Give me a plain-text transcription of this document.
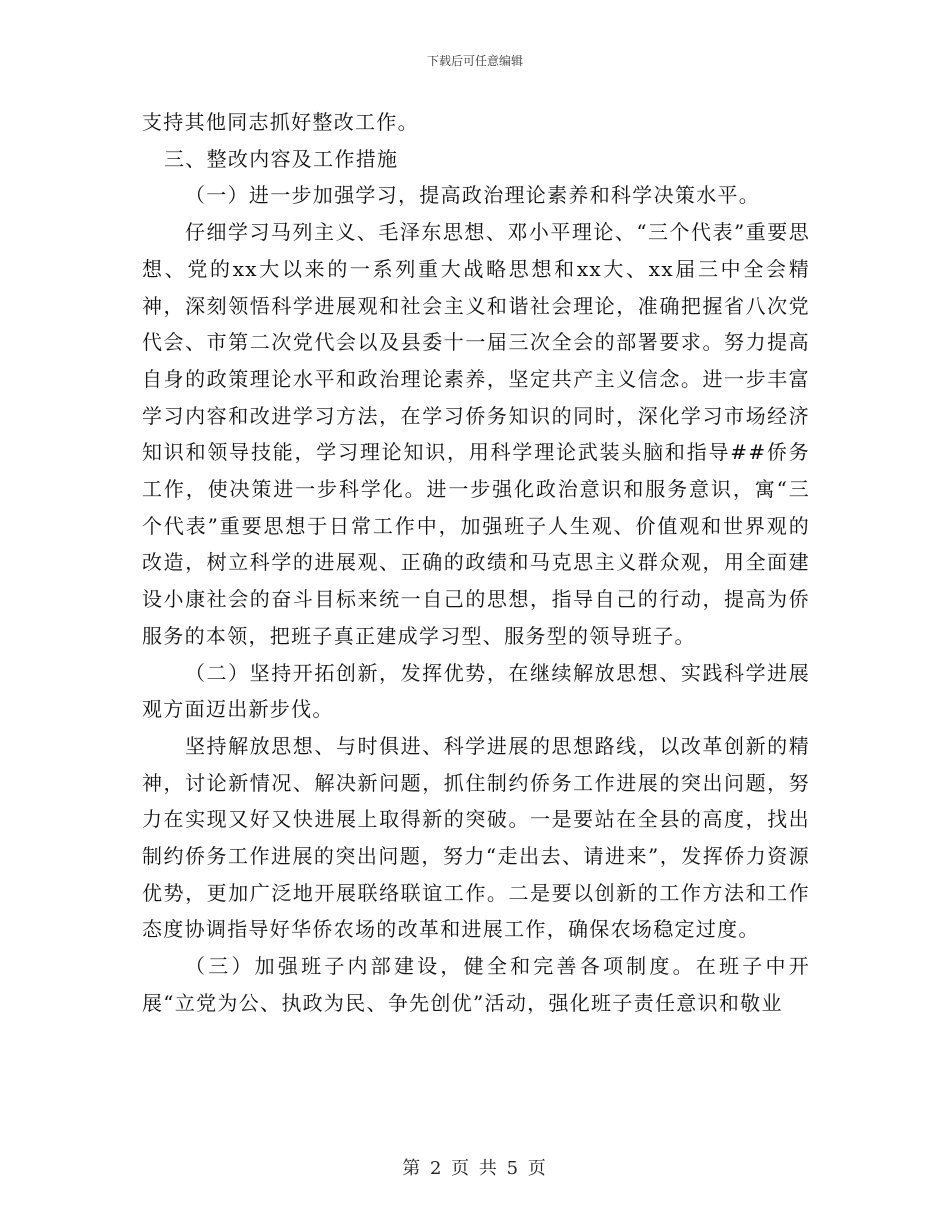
下载后可任意编辑

支持其他同志抓好整改工作。

三、整改内容及工作措施

（一）进一步加强学习，提高政治理论素养和科学决策水平。

仔细学习马列主义、毛泽东思想、邓小平理论、“三个代表”重要思想、党的xx大以来的一系列重大战略思想和xx大、xx届三中全会精神，深刻领悟科学进展观和社会主义和谐社会理论，准确把握省八次党代会、市第二次党代会以及县委十一届三次全会的部署要求。努力提高自身的政策理论水平和政治理论素养，坚定共产主义信念。进一步丰富学习内容和改进学习方法，在学习侨务知识的同时，深化学习市场经济知识和领导技能，学习理论知识，用科学理论武装头脑和指导##侨务工作，使决策进一步科学化。进一步强化政治意识和服务意识，寓“三个代表”重要思想于日常工作中，加强班子人生观、价值观和世界观的改造，树立科学的进展观、正确的政绩和马克思主义群众观，用全面建设小康社会的奋斗目标来统一自己的思想，指导自己的行动，提高为侨服务的本领，把班子真正建成学习型、服务型的领导班子。

（二）坚持开拓创新，发挥优势，在继续解放思想、实践科学进展观方面迈出新步伐。

坚持解放思想、与时俱进、科学进展的思想路线，以改革创新的精神，讨论新情况、解决新问题，抓住制约侨务工作进展的突出问题，努力在实现又好又快进展上取得新的突破。一是要站在全县的高度，找出制约侨务工作进展的突出问题，努力“走出去、请进来”，发挥侨力资源优势，更加广泛地开展联络联谊工作。二是要以创新的工作方法和工作态度协调指导好华侨农场的改革和进展工作，确保农场稳定过度。

（三）加强班子内部建设，健全和完善各项制度。在班子中开展“立党为公、执政为民、争先创优”活动，强化班子责任意识和敬业

第 2 页 共 5 页
